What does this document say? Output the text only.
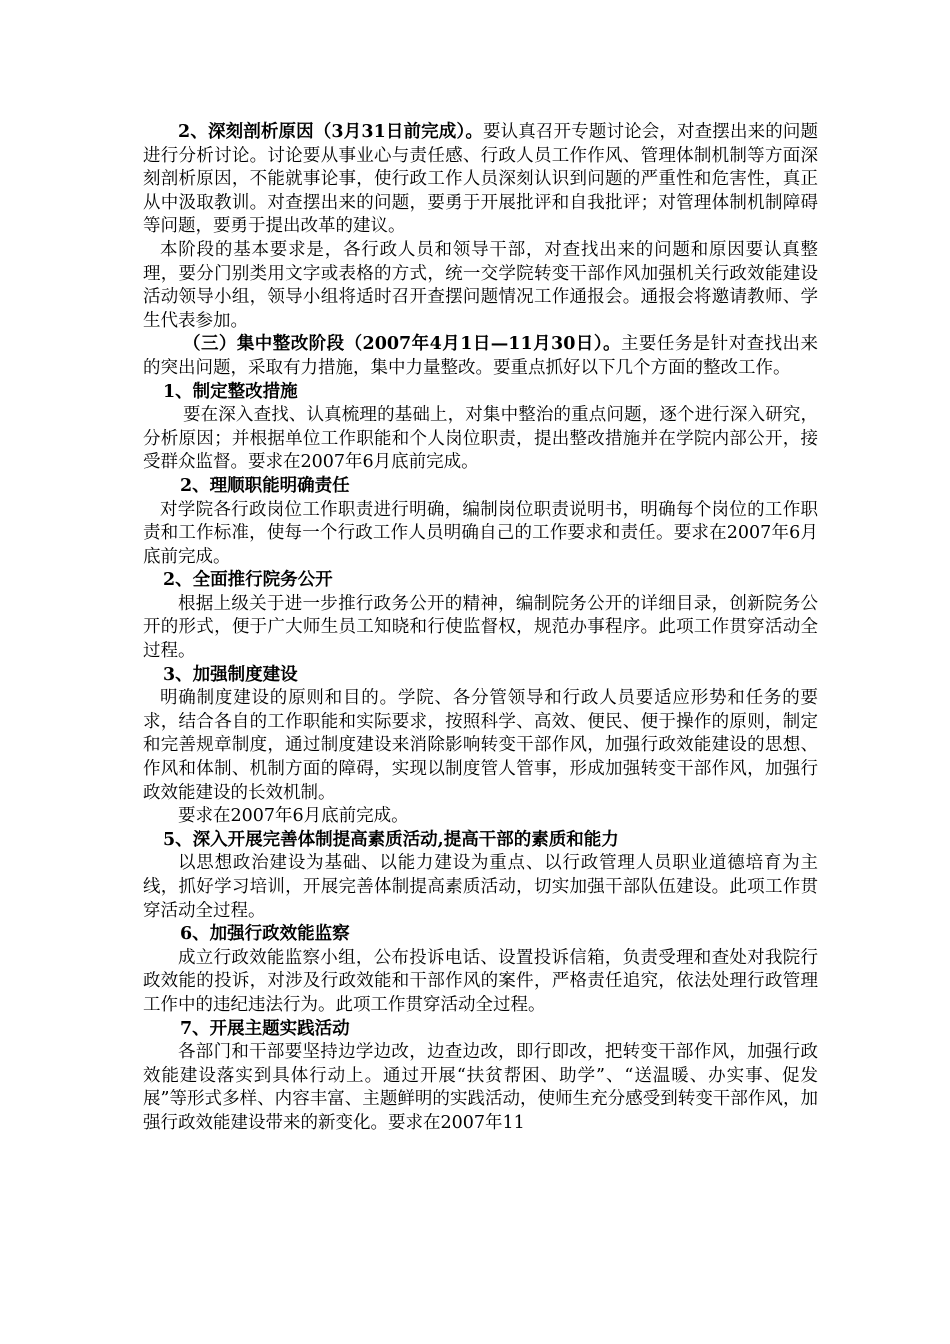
2、深刻剖析原因（3月31日前完成）。要认真召开专题讨论会，对查摆出来的问题进行分析讨论。讨论要从事业心与责任感、行政人员工作作风、管理体制机制等方面深刻剖析原因，不能就事论事，使行政工作人员深刻认识到问题的严重性和危害性，真正从中汲取教训。对查摆出来的问题，要勇于开展批评和自我批评；对管理体制机制障碍等问题，要勇于提出改革的建议。

本阶段的基本要求是，各行政人员和领导干部，对查找出来的问题和原因要认真整理，要分门别类用文字或表格的方式，统一交学院转变干部作风加强机关行政效能建设活动领导小组，领导小组将适时召开查摆问题情况工作通报会。通报会将邀请教师、学生代表参加。

（三）集中整改阶段（2007年4月1日—11月30日）。主要任务是针对查找出来的突出问题，采取有力措施，集中力量整改。要重点抓好以下几个方面的整改工作。

1、制定整改措施

要在深入查找、认真梳理的基础上，对集中整治的重点问题，逐个进行深入研究，分析原因；并根据单位工作职能和个人岗位职责，提出整改措施并在学院内部公开，接受群众监督。要求在2007年6月底前完成。

2、理顺职能明确责任

对学院各行政岗位工作职责进行明确，编制岗位职责说明书，明确每个岗位的工作职责和工作标准，使每一个行政工作人员明确自己的工作要求和责任。要求在2007年6月底前完成。

2、全面推行院务公开

根据上级关于进一步推行政务公开的精神，编制院务公开的详细目录，创新院务公开的形式，便于广大师生员工知晓和行使监督权，规范办事程序。此项工作贯穿活动全过程。

3、加强制度建设

明确制度建设的原则和目的。学院、各分管领导和行政人员要适应形势和任务的要求，结合各自的工作职能和实际要求，按照科学、高效、便民、便于操作的原则，制定和完善规章制度，通过制度建设来消除影响转变干部作风，加强行政效能建设的思想、作风和体制、机制方面的障碍，实现以制度管人管事，形成加强转变干部作风，加强行政效能建设的长效机制。

要求在2007年6月底前完成。

5、深入开展完善体制提高素质活动,提高干部的素质和能力

以思想政治建设为基础、以能力建设为重点、以行政管理人员职业道德培育为主线，抓好学习培训，开展完善体制提高素质活动，切实加强干部队伍建设。此项工作贯穿活动全过程。

6、加强行政效能监察

成立行政效能监察小组，公布投诉电话、设置投诉信箱，负责受理和查处对我院行政效能的投诉，对涉及行政效能和干部作风的案件，严格责任追究，依法处理行政管理工作中的违纪违法行为。此项工作贯穿活动全过程。

7、开展主题实践活动

各部门和干部要坚持边学边改，边查边改，即行即改，把转变干部作风，加强行政效能建设落实到具体行动上。通过开展“扶贫帮困、助学”、“送温暖、办实事、促发展”等形式多样、内容丰富、主题鲜明的实践活动，使师生充分感受到转变干部作风，加强行政效能建设带来的新变化。要求在2007年11
